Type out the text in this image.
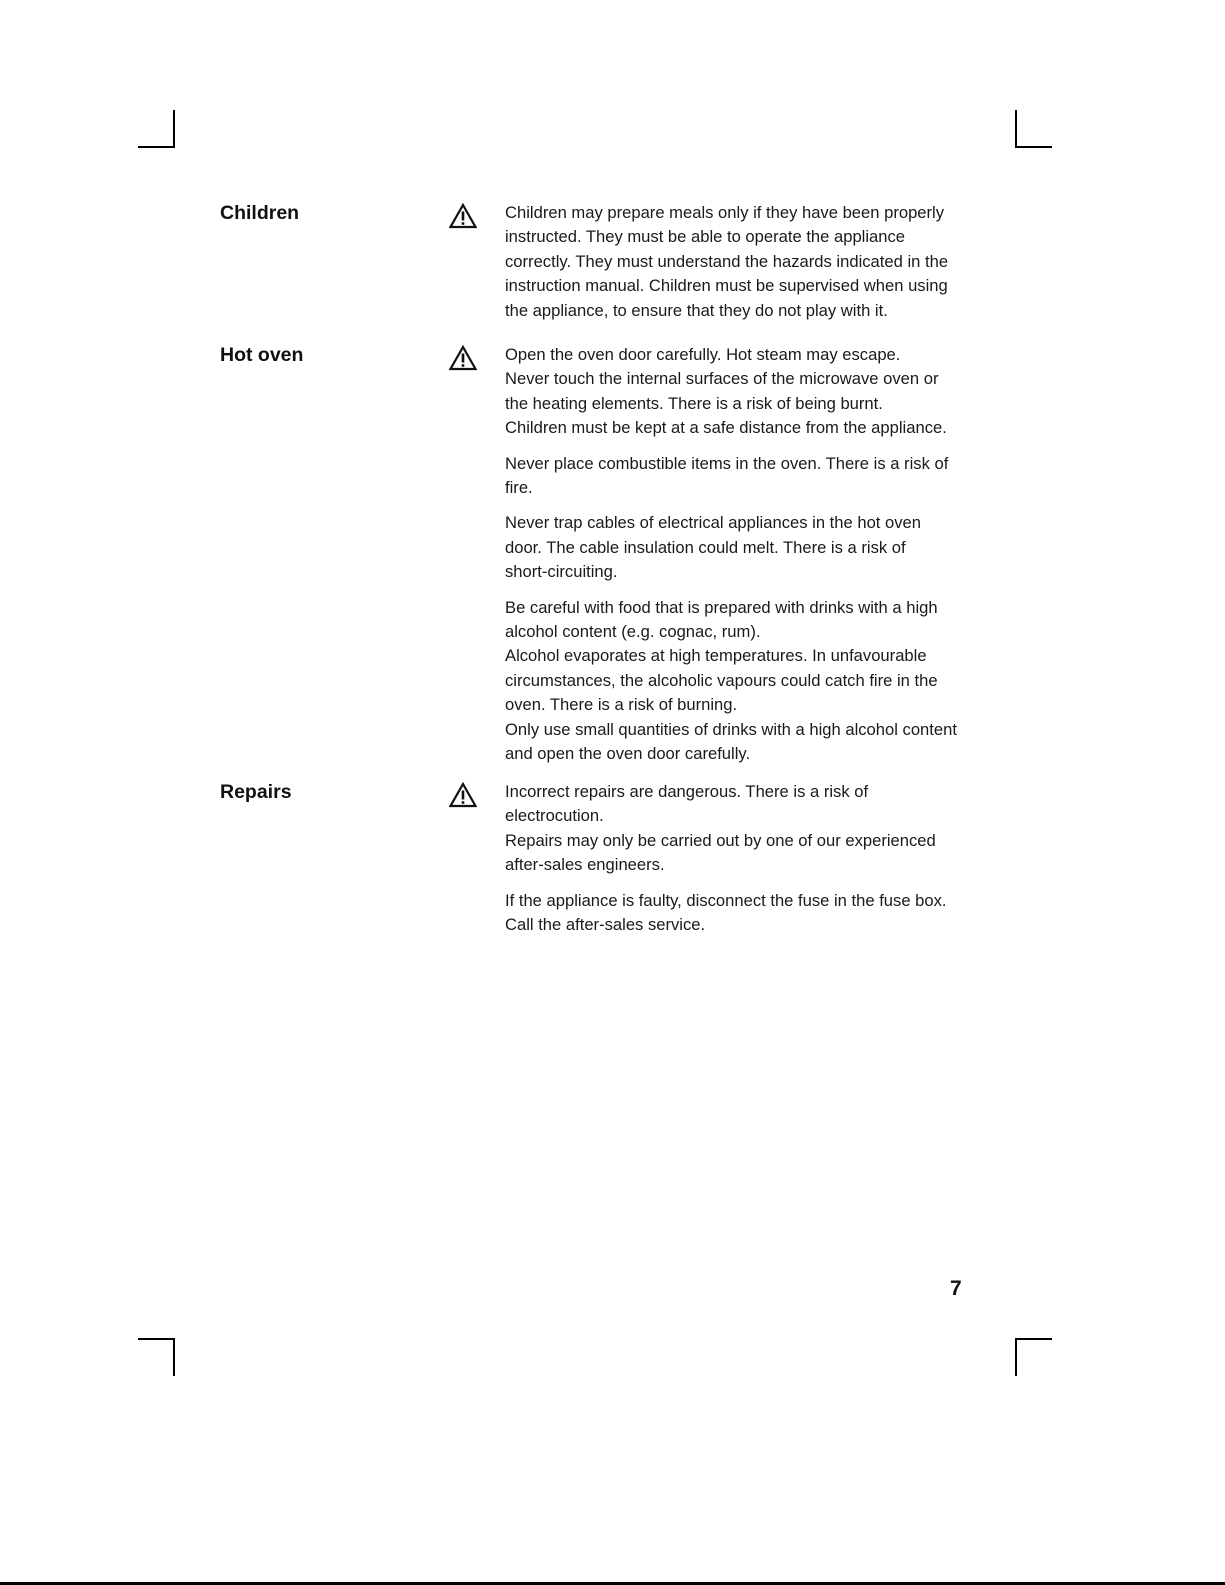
Children	Children may prepare meals only if they have been properly
instructed. They must be able to operate the appliance
correctly. They must understand the hazards indicated in the
instruction manual. Children must be supervised when using
the appliance, to ensure that they do not play with it.

Hot oven	Open the oven door carefully. Hot steam may escape.
Never touch the internal surfaces of the microwave oven or
the heating elements. There is a risk of being burnt.
Children must be kept at a safe distance from the appliance.

Never place combustible items in the oven. There is a risk of
fire.

Never trap cables of electrical appliances in the hot oven
door. The cable insulation could melt. There is a risk of
short-circuiting.

Be careful with food that is prepared with drinks with a high
alcohol content (e.g. cognac, rum).
Alcohol evaporates at high temperatures. In unfavourable
circumstances, the alcoholic vapours could catch fire in the
oven. There is a risk of burning.
Only use small quantities of drinks with a high alcohol content
and open the oven door carefully.

Repairs	Incorrect repairs are dangerous. There is a risk of
electrocution.
Repairs may only be carried out by one of our experienced
after-sales engineers.

If the appliance is faulty, disconnect the fuse in the fuse box.
Call the after-sales service.

7
